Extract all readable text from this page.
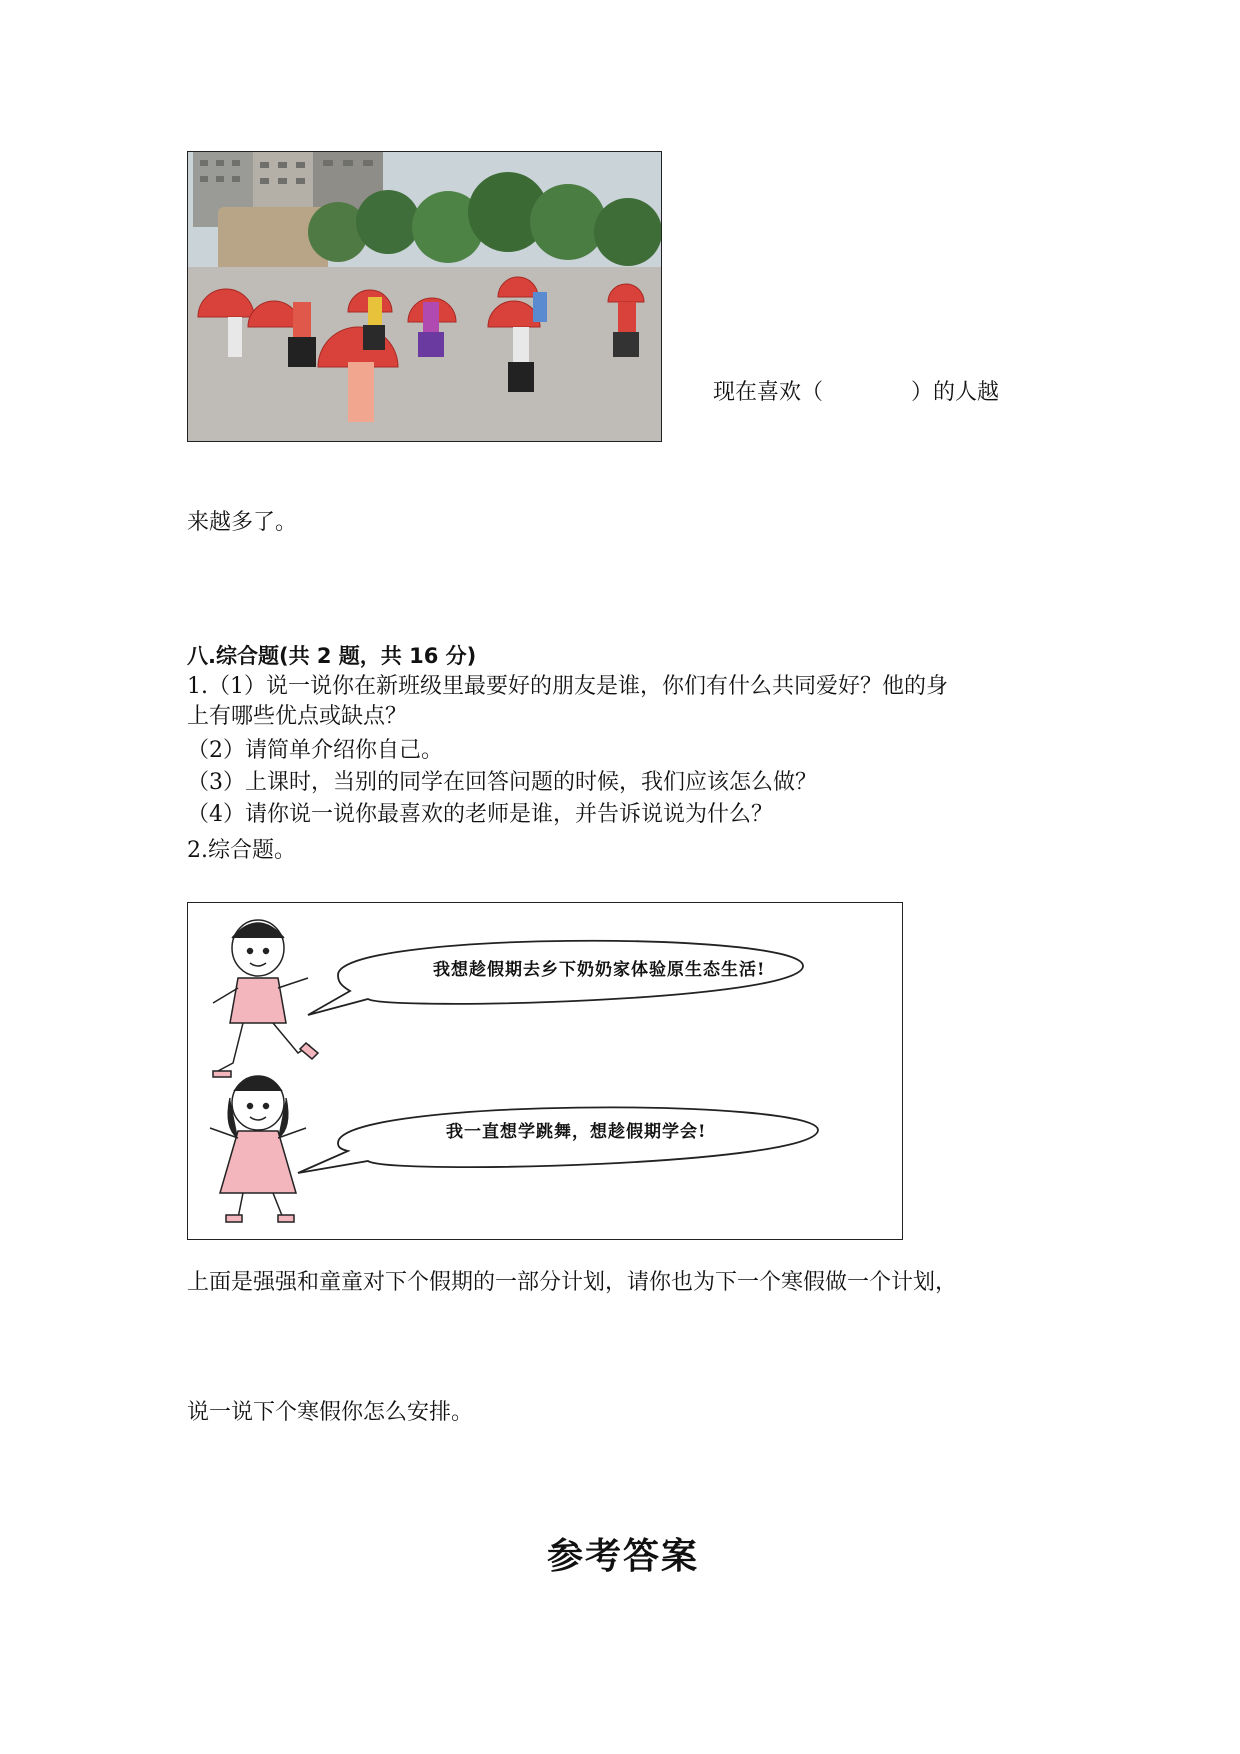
现在喜欢（　　　　）的人越
来越多了。
八.综合题(共 2 题，共 16 分)
1.（1）说一说你在新班级里最要好的朋友是谁，你们有什么共同爱好？他的身
上有哪些优点或缺点？
（2）请简单介绍你自己。
（3）上课时，当别的同学在回答问题的时候，我们应该怎么做？
（4）请你说一说你最喜欢的老师是谁，并告诉说说为什么？
2.综合题。
我想趁假期去乡下奶奶家体验原生态生活!
我一直想学跳舞，想趁假期学会!
上面是强强和童童对下个假期的一部分计划，请你也为下一个寒假做一个计划，
说一说下个寒假你怎么安排。
参考答案
